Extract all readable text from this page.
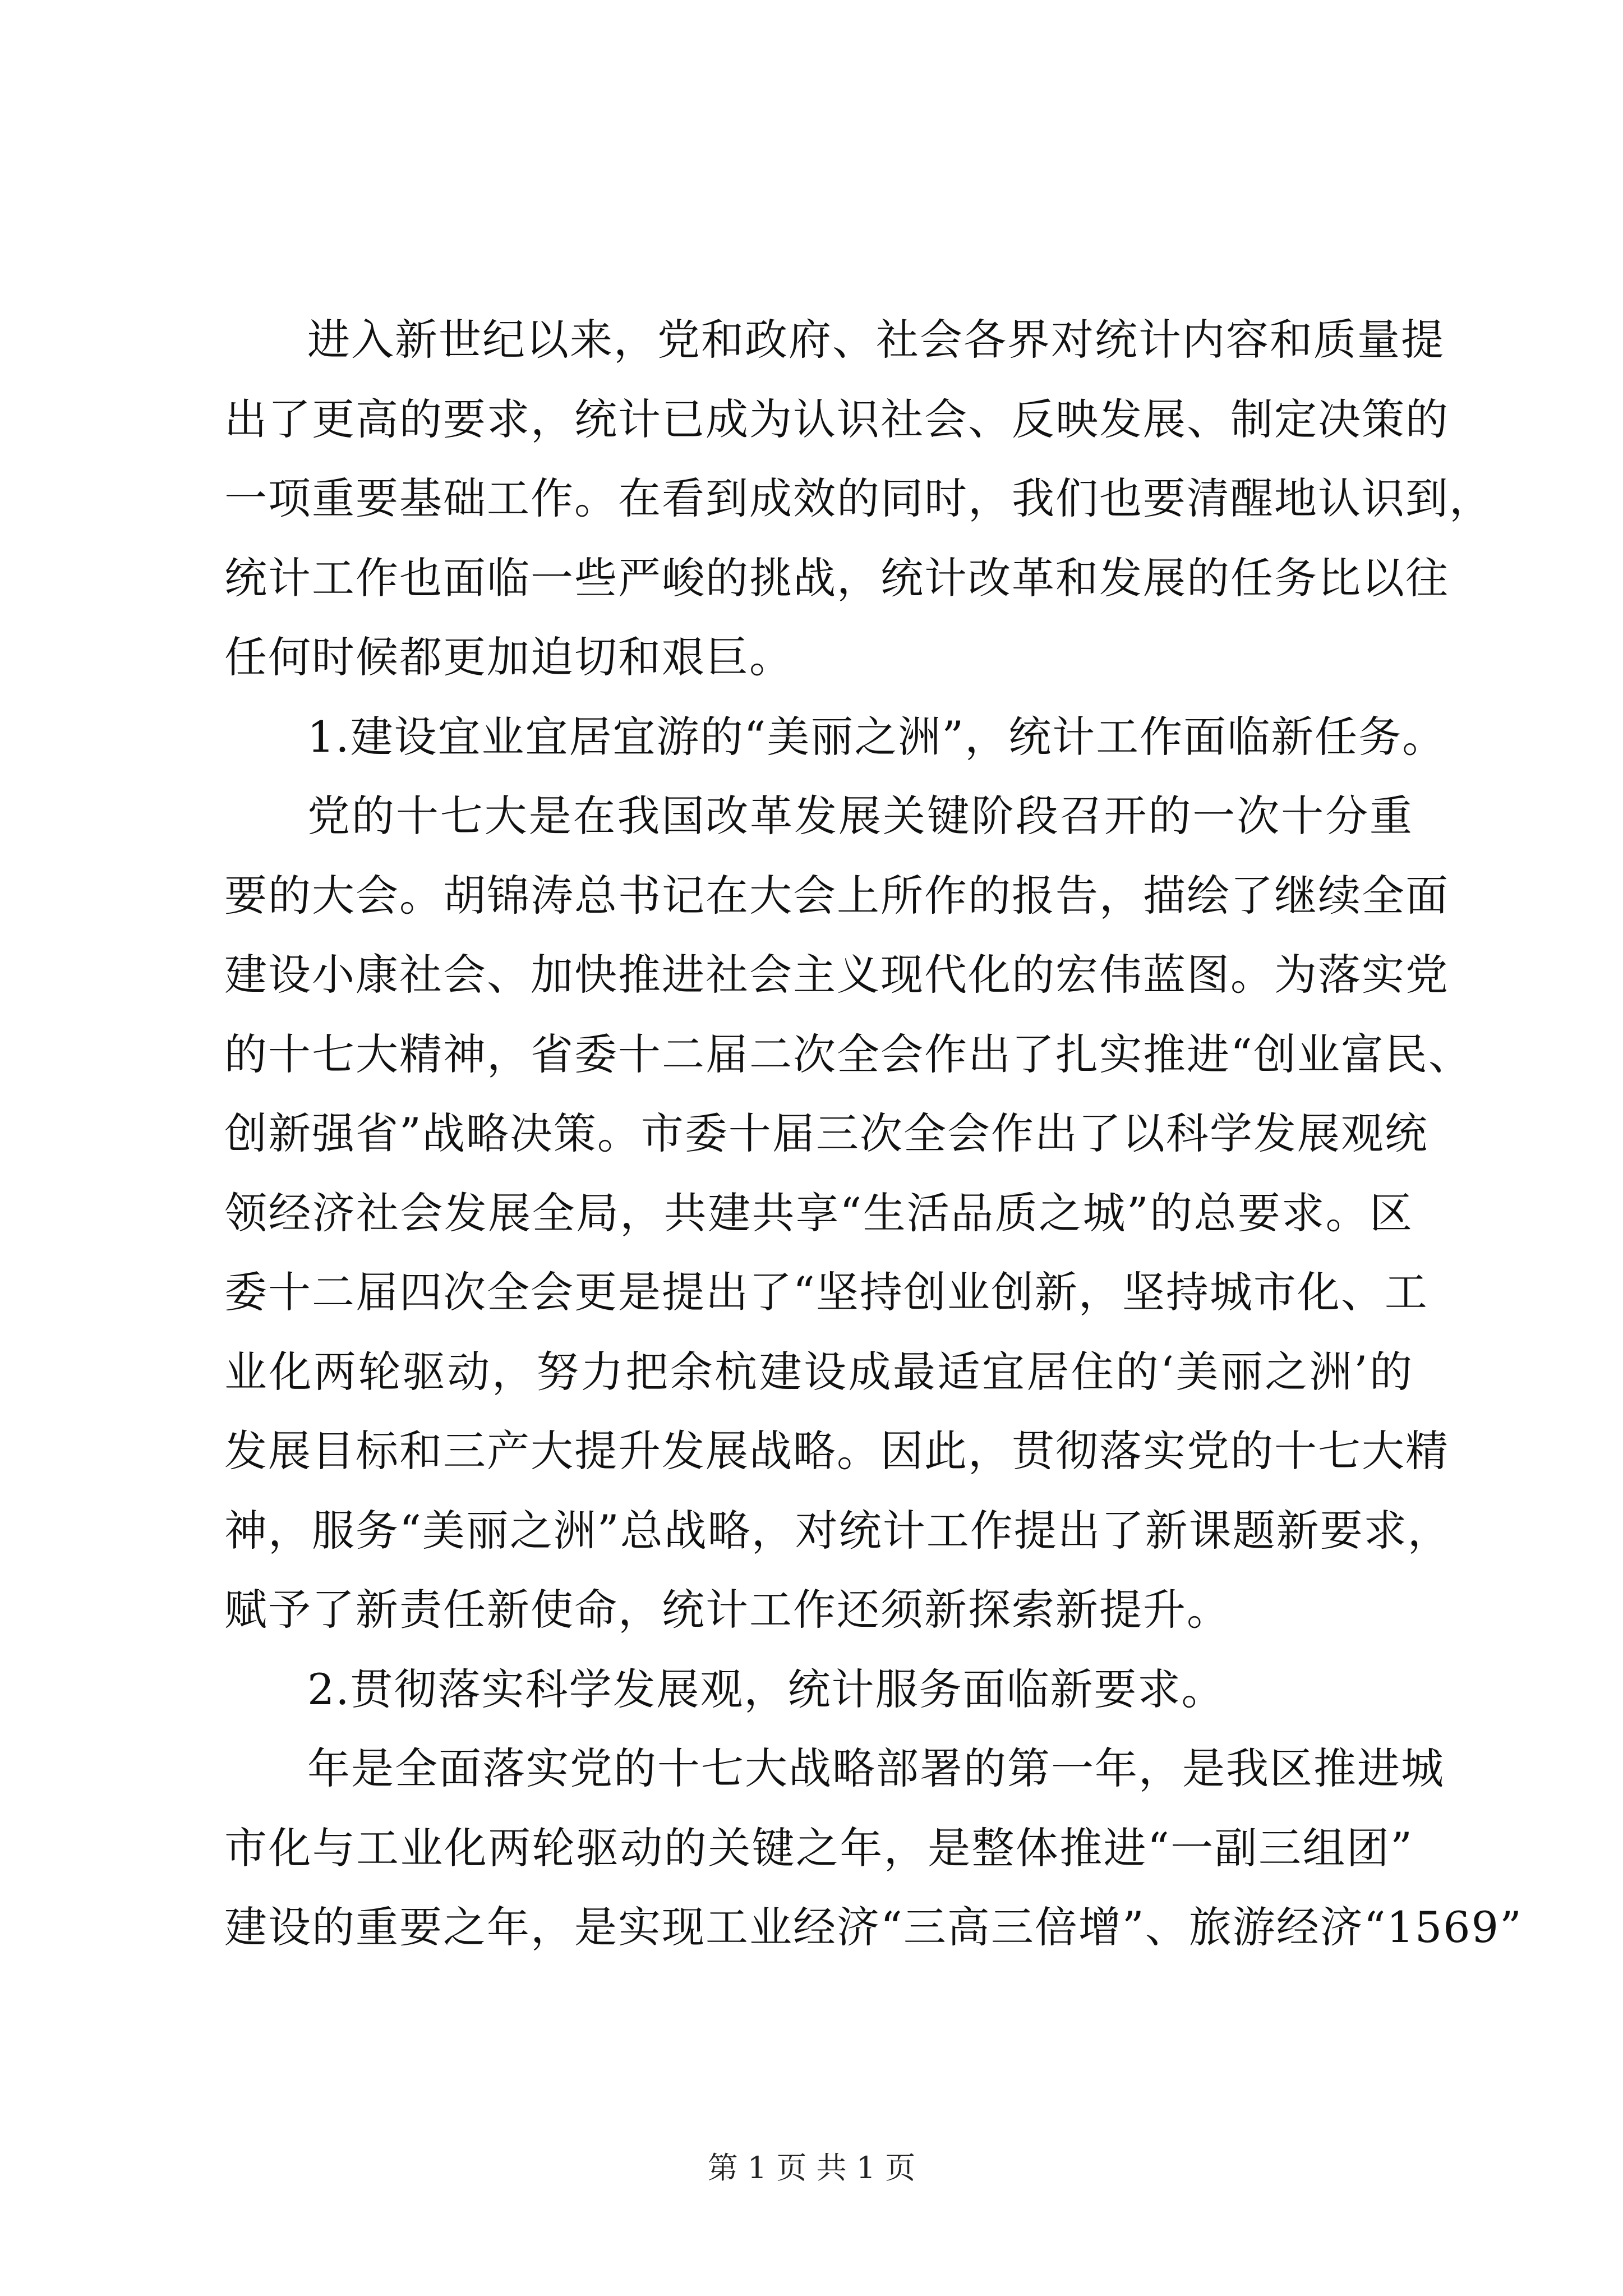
进入新世纪以来，党和政府、社会各界对统计内容和质量提
出了更高的要求，统计已成为认识社会、反映发展、制定决策的
一项重要基础工作。在看到成效的同时，我们也要清醒地认识到，
统计工作也面临一些严峻的挑战，统计改革和发展的任务比以往
任何时候都更加迫切和艰巨。
1.建设宜业宜居宜游的“美丽之洲”，统计工作面临新任务。
党的十七大是在我国改革发展关键阶段召开的一次十分重
要的大会。胡锦涛总书记在大会上所作的报告，描绘了继续全面
建设小康社会、加快推进社会主义现代化的宏伟蓝图。为落实党
的十七大精神，省委十二届二次全会作出了扎实推进“创业富民、
创新强省”战略决策。市委十届三次全会作出了以科学发展观统
领经济社会发展全局，共建共享“生活品质之城”的总要求。区
委十二届四次全会更是提出了“坚持创业创新，坚持城市化、工
业化两轮驱动，努力把余杭建设成最适宜居住的‘美丽之洲’的
发展目标和三产大提升发展战略。因此，贯彻落实党的十七大精
神，服务“美丽之洲”总战略，对统计工作提出了新课题新要求，
赋予了新责任新使命，统计工作还须新探索新提升。
2.贯彻落实科学发展观，统计服务面临新要求。
年是全面落实党的十七大战略部署的第一年，是我区推进城
市化与工业化两轮驱动的关键之年，是整体推进“一副三组团”
建设的重要之年，是实现工业经济“三高三倍增”、旅游经济“1569”
第 1 页 共 1 页
